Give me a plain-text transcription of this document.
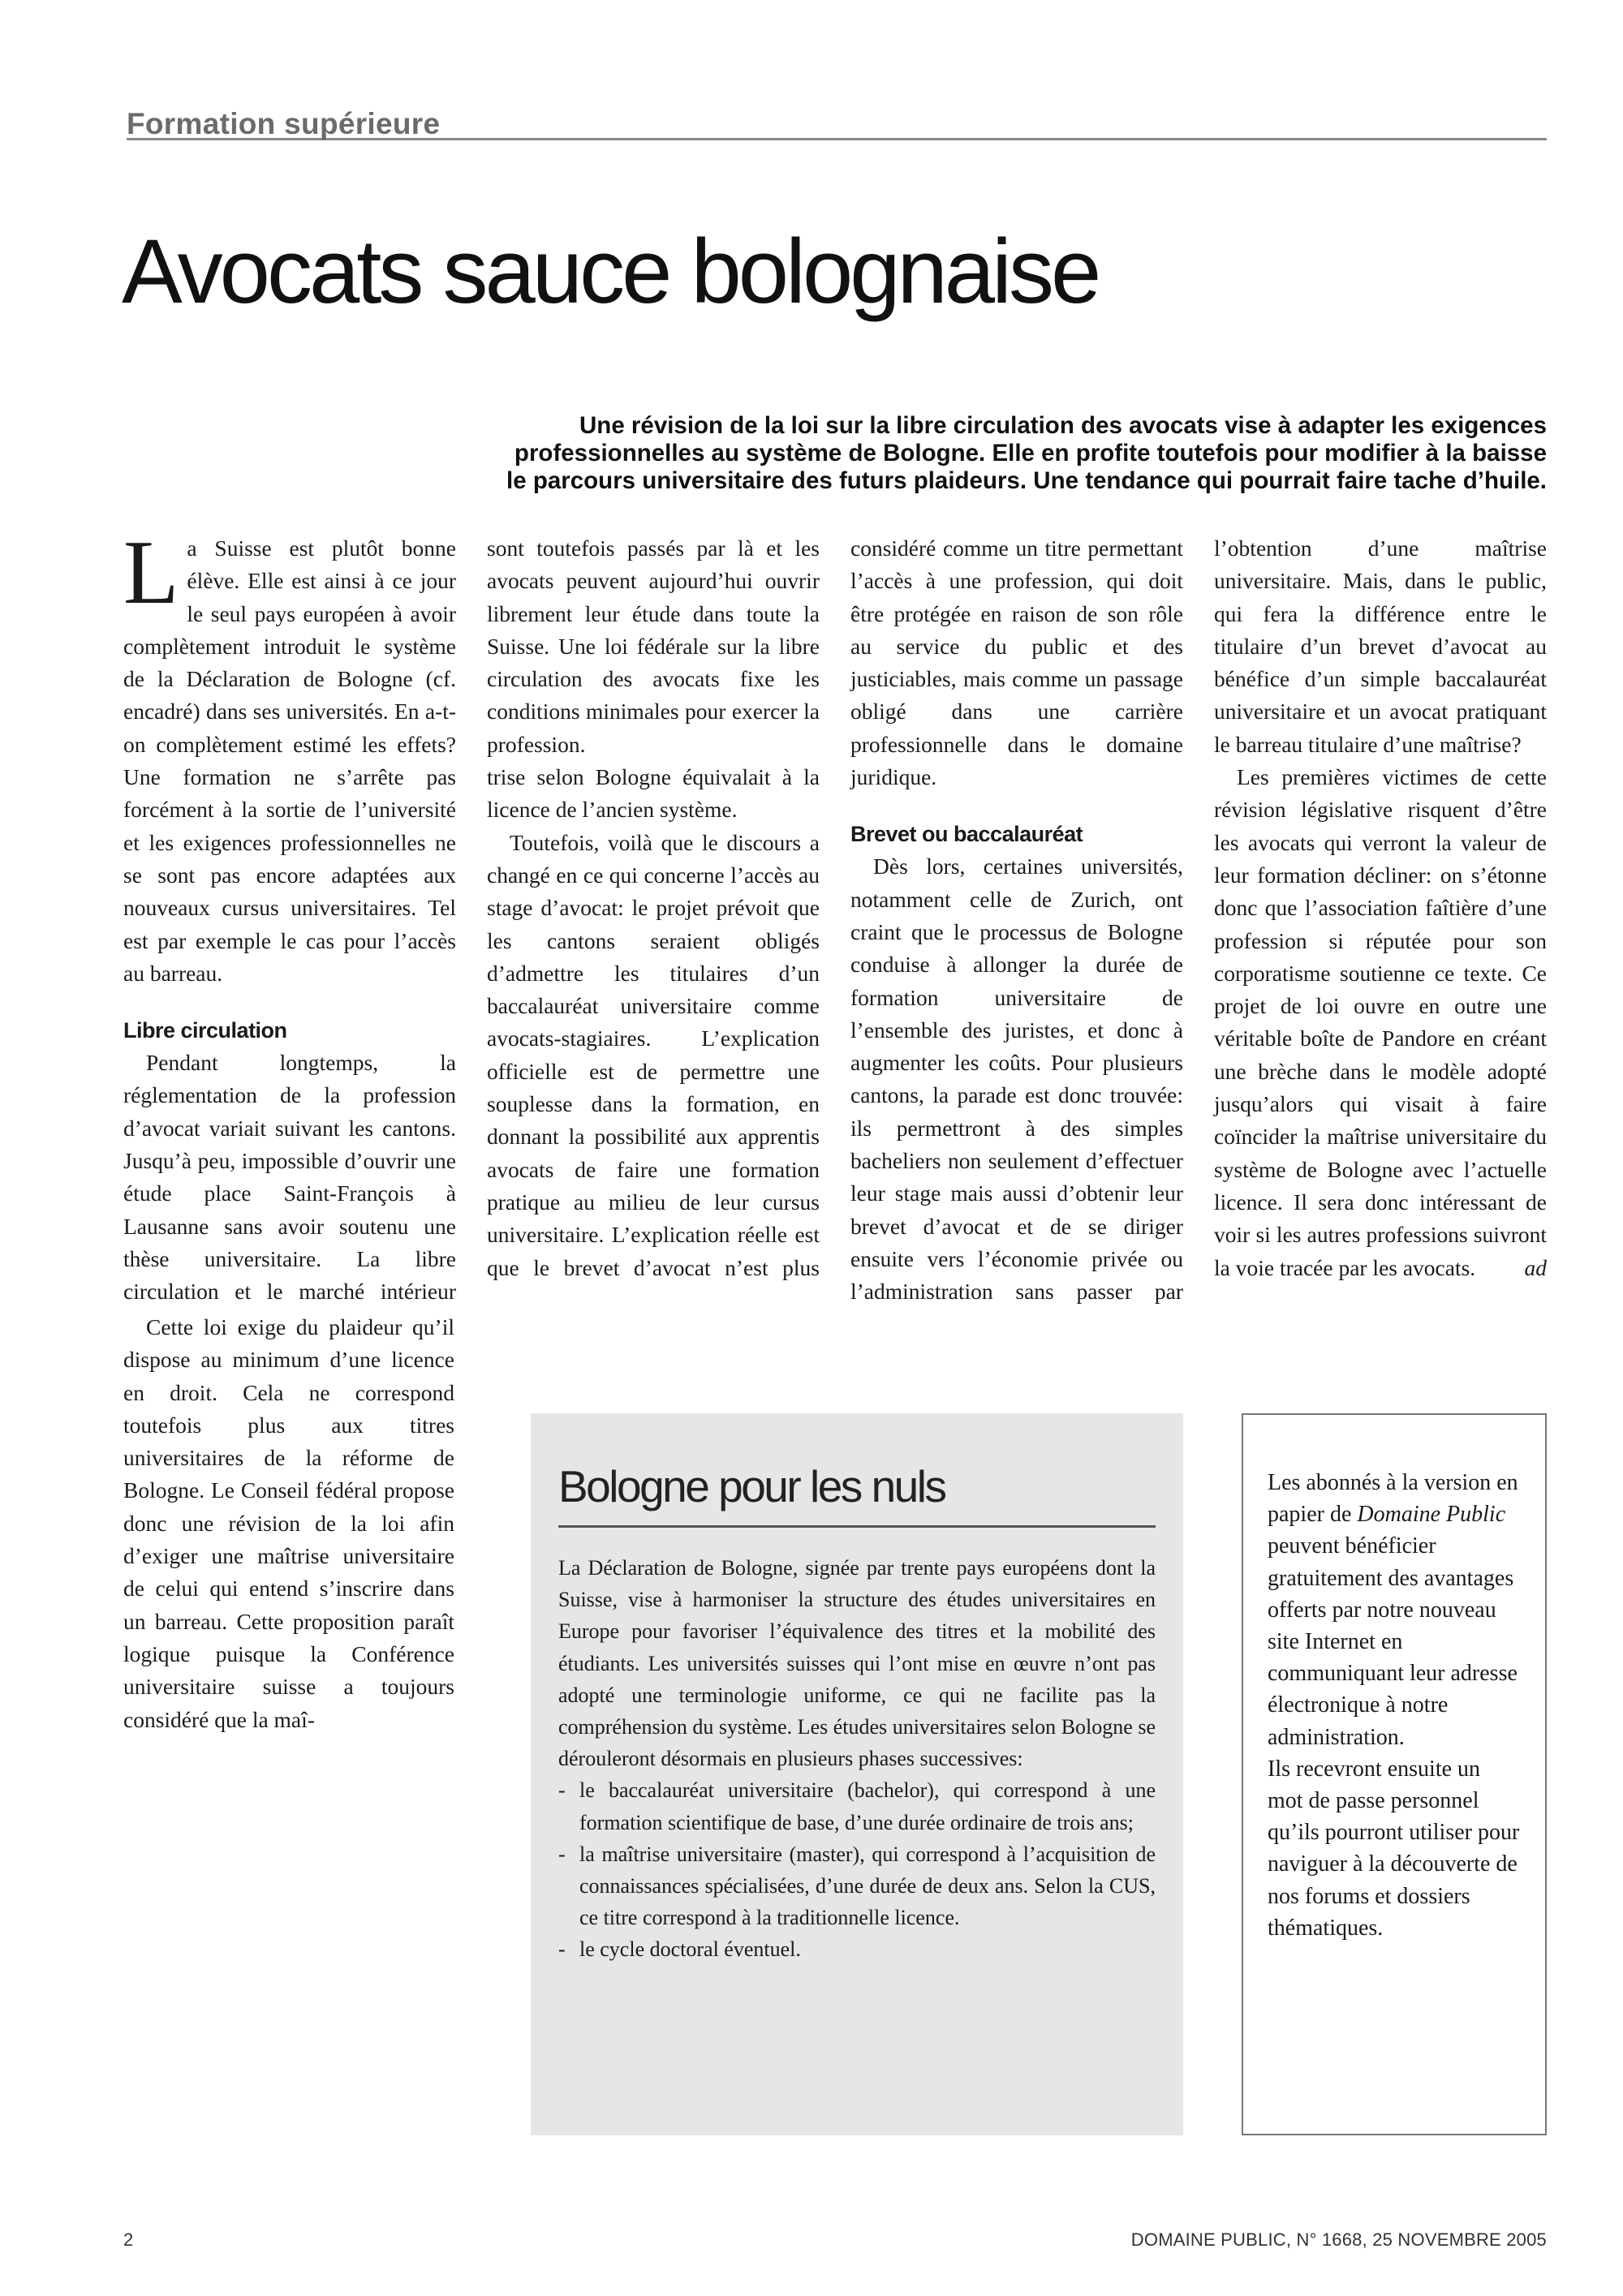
Formation supérieure
Avocats sauce bolognaise

Une révision de la loi sur la libre circulation des avocats vise à adapter les exigences
professionnelles au système de Bologne. Elle en profite toutefois pour modifier à la baisse
le parcours universitaire des futurs plaideurs. Une tendance qui pourrait faire tache d’huile.

Cette loi exige du plaideur qu’il dispose au minimum d’une licence en droit. Cela ne correspond toutefois plus aux titres universitaires de la réforme de Bologne. Le Conseil fédéral propose donc une révision de la loi afin d’exiger une maîtrise universitaire de celui qui entend s’inscrire dans un barreau. Cette proposition paraît logique puisque la Conférence universitaire suisse a toujours considéré que la maî-

La Suisse est plutôt bonne élève. Elle est ainsi à ce jour le seul pays européen à avoir complètement introduit le système de la Déclaration de Bologne (cf. encadré) dans ses universités. En a-t-on complètement estimé les effets? Une formation ne s’arrête pas forcément à la sortie de l’université et les exigences professionnelles ne se sont pas encore adaptées aux nouveaux cursus universitaires. Tel est par exemple le cas pour l’accès au barreau.

Libre circulation

Pendant longtemps, la réglementation de la profession d’avocat variait suivant les cantons. Jusqu’à peu, impossible d’ouvrir une étude place Saint-François à Lausanne sans avoir soutenu une thèse universitaire. La libre circulation et le marché intérieur sont toutefois passés par là et les avocats peuvent aujourd’hui ouvrir librement leur étude dans toute la Suisse. Une loi fédérale sur la libre circulation des avocats fixe les conditions minimales pour exercer la profession.

trise selon Bologne équivalait à la licence de l’ancien système.

Toutefois, voilà que le discours a changé en ce qui concerne l’accès au stage d’avocat: le projet prévoit que les cantons seraient obligés d’admettre les titulaires d’un baccalauréat universitaire comme avocats-stagiaires. L’explication officielle est de permettre une souplesse dans la formation, en donnant la possibilité aux apprentis avocats de faire une formation pratique au milieu de leur cursus universitaire. L’explication réelle est que le brevet d’avocat n’est plus considéré comme un titre permettant l’accès à une profession, qui doit être protégée en raison de son rôle au service du public et des justiciables, mais comme un passage obligé dans une carrière professionnelle dans le domaine juridique.

Brevet ou baccalauréat

Dès lors, certaines universités, notamment celle de Zurich, ont craint que le processus de Bologne conduise à allonger la durée de formation universitaire de l’ensemble des juristes, et donc à augmenter les coûts. Pour plusieurs cantons, la parade est donc trouvée: ils permettront à des simples bacheliers non seulement d’effectuer leur stage mais aussi d’obtenir leur brevet d’avocat et de se diriger ensuite vers l’économie privée ou l’administration sans passer par l’obtention d’une maîtrise universitaire. Mais, dans le public, qui fera la différence entre le titulaire d’un brevet d’avocat au bénéfice d’un simple baccalauréat universitaire et un avocat pratiquant le barreau titulaire d’une maîtrise?

Les premières victimes de cette révision législative risquent d’être les avocats qui verront la valeur de leur formation décliner: on s’étonne donc que l’association faîtière d’une profession si réputée pour son corporatisme soutienne ce texte. Ce projet de loi ouvre en outre une véritable boîte de Pandore en créant une brèche dans le modèle adopté jusqu’alors qui visait à faire coïncider la maîtrise universitaire du système de Bologne avec l’actuelle licence. Il sera donc intéressant de voir si les autres professions suivront la voie tracée par les avocats.	ad

Bologne pour les nuls

La Déclaration de Bologne, signée par trente pays européens dont la Suisse, vise à harmoniser la structure des études universitaires en Europe pour favoriser l’équivalence des titres et la mobilité des étudiants. Les universités suisses qui l’ont mise en œuvre n’ont pas adopté une terminologie uniforme, ce qui ne facilite pas la compréhension du système. Les études universitaires selon Bologne se dérouleront désormais en plusieurs phases successives:

- le baccalauréat universitaire (bachelor), qui correspond à une formation scientifique de base, d’une durée ordinaire de trois ans;
- la maîtrise universitaire (master), qui correspond à l’acquisition de connaissances spécialisées, d’une durée de deux ans. Selon la CUS, ce titre correspond à la traditionnelle licence.
- le cycle doctoral éventuel.

Les abonnés à la version en papier de Domaine Public peuvent bénéficier gratuitement des avantages offerts par notre nouveau site Internet en communiquant leur adresse électronique à notre administration.

Ils recevront ensuite un mot de passe personnel qu’ils pourront utiliser pour naviguer à la découverte de nos forums et dossiers thématiques.

2	DOMAINE PUBLIC, N° 1668, 25 NOVEMBRE 2005
